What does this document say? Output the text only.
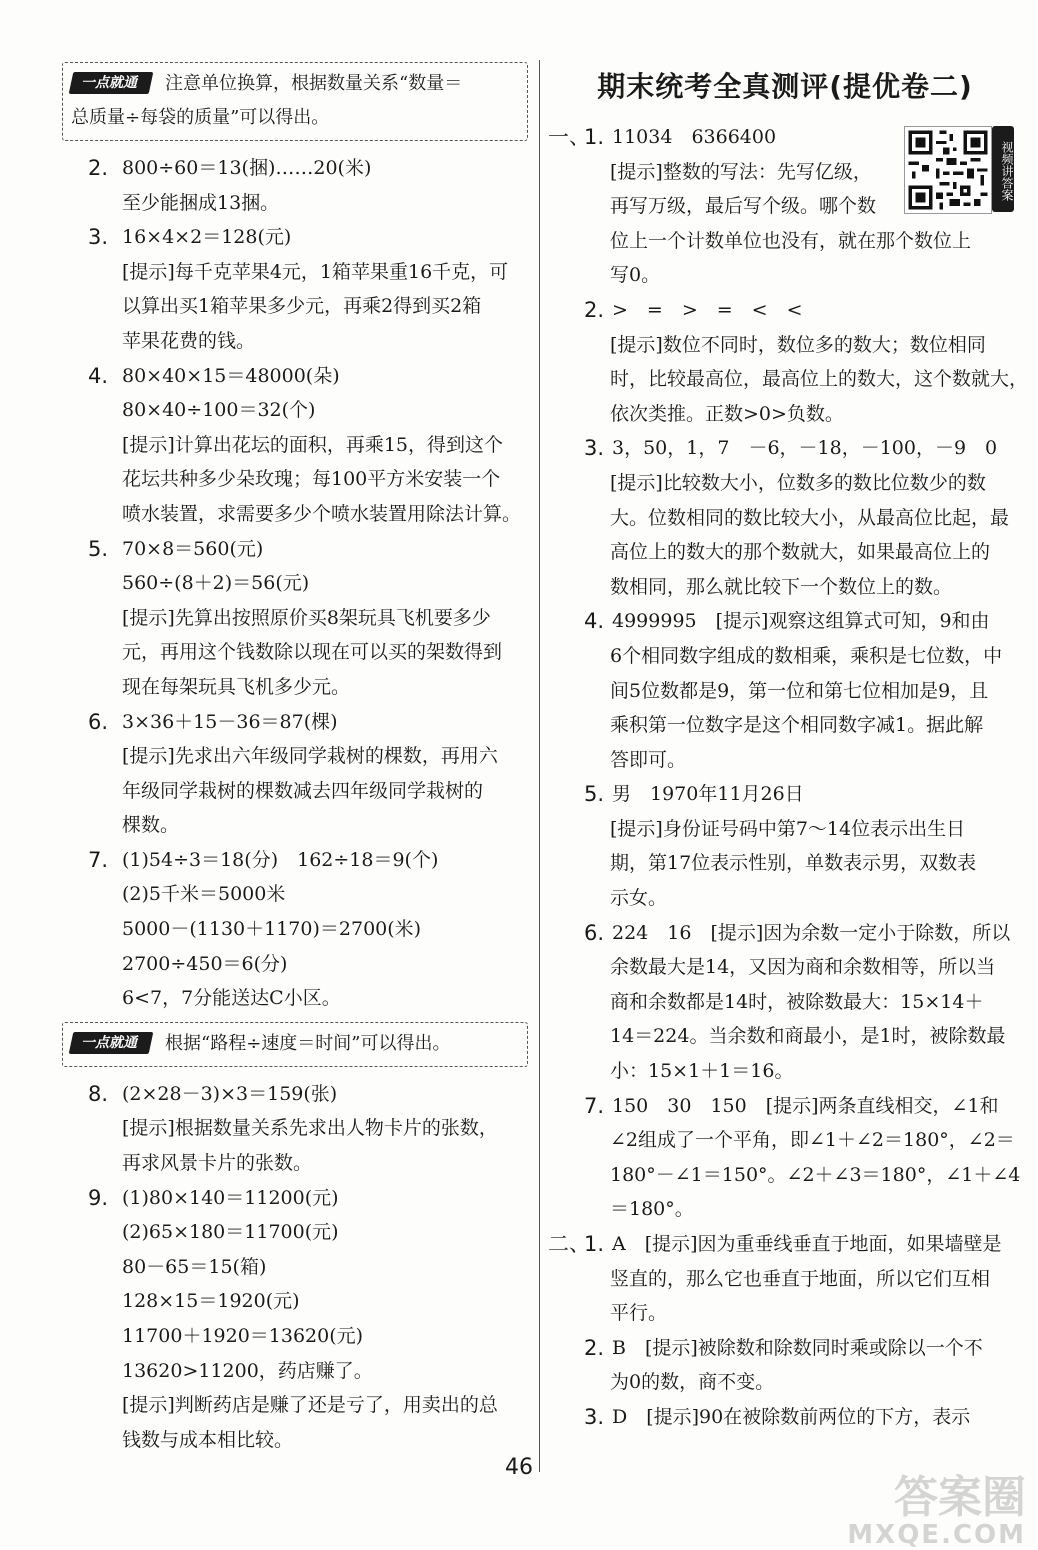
一点就通 注意单位换算，根据数量关系“数量＝
总质量÷每袋的质量”可以得出。
2. 800÷60＝13(捆)……20(米)
至少能捆成13捆。
3. 16×4×2＝128(元)
[提示]每千克苹果4元，1箱苹果重16千克，可
以算出买1箱苹果多少元，再乘2得到买2箱
苹果花费的钱。
4. 80×40×15＝48000(朵)
80×40÷100＝32(个)
[提示]计算出花坛的面积，再乘15，得到这个
花坛共种多少朵玫瑰；每100平方米安装一个
喷水装置，求需要多少个喷水装置用除法计算。
5. 70×8＝560(元)
560÷(8＋2)＝56(元)
[提示]先算出按照原价买8架玩具飞机要多少
元，再用这个钱数除以现在可以买的架数得到
现在每架玩具飞机多少元。
6. 3×36＋15－36＝87(棵)
[提示]先求出六年级同学栽树的棵数，再用六
年级同学栽树的棵数减去四年级同学栽树的
棵数。
7. (1)54÷3＝18(分)　162÷18＝9(个)
(2)5千米＝5000米
5000－(1130＋1170)＝2700(米)
2700÷450＝6(分)
6<7，7分能送达C小区。
一点就通 根据“路程÷速度＝时间”可以得出。
8. (2×28－3)×3＝159(张)
[提示]根据数量关系先求出人物卡片的张数，
再求风景卡片的张数。
9. (1)80×140＝11200(元)
(2)65×180＝11700(元)
80－65＝15(箱)
128×15＝1920(元)
11700＋1920＝13620(元)
13620>11200，药店赚了。
[提示]判断药店是赚了还是亏了，用卖出的总
钱数与成本相比较。
期末统考全真测评(提优卷二)
视频讲答案
一、
1. 11034　6366400
[提示]整数的写法：先写亿级，
再写万级，最后写个级。哪个数
位上一个计数单位也没有，就在那个数位上
写0。
2. >　=　>　=　<　<
[提示]数位不同时，数位多的数大；数位相同
时，比较最高位，最高位上的数大，这个数就大，
依次类推。正数>0>负数。
3. 3，50，1，7　－6，－18，－100，－9　0
[提示]比较数大小，位数多的数比位数少的数
大。位数相同的数比较大小，从最高位比起，最
高位上的数大的那个数就大，如果最高位上的
数相同，那么就比较下一个数位上的数。
4. 4999995　[提示]观察这组算式可知，9和由
6个相同数字组成的数相乘，乘积是七位数，中
间5位数都是9，第一位和第七位相加是9，且
乘积第一位数字是这个相同数字减1。据此解
答即可。
5. 男　1970年11月26日
[提示]身份证号码中第7～14位表示出生日
期，第17位表示性别，单数表示男，双数表
示女。
6. 224　16　[提示]因为余数一定小于除数，所以
余数最大是14，又因为商和余数相等，所以当
商和余数都是14时，被除数最大：15×14＋
14＝224。当余数和商最小，是1时，被除数最
小：15×1＋1＝16。
7. 150　30　150　[提示]两条直线相交，∠1和
∠2组成了一个平角，即∠1＋∠2＝180°，∠2＝
180°－∠1＝150°。∠2＋∠3＝180°，∠1＋∠4
＝180°。
二、
1. A　[提示]因为重垂线垂直于地面，如果墙壁是
竖直的，那么它也垂直于地面，所以它们互相
平行。
2. B　[提示]被除数和除数同时乘或除以一个不
为0的数，商不变。
3. D　[提示]90在被除数前两位的下方，表示
46
答案圈
MXQE.COM
